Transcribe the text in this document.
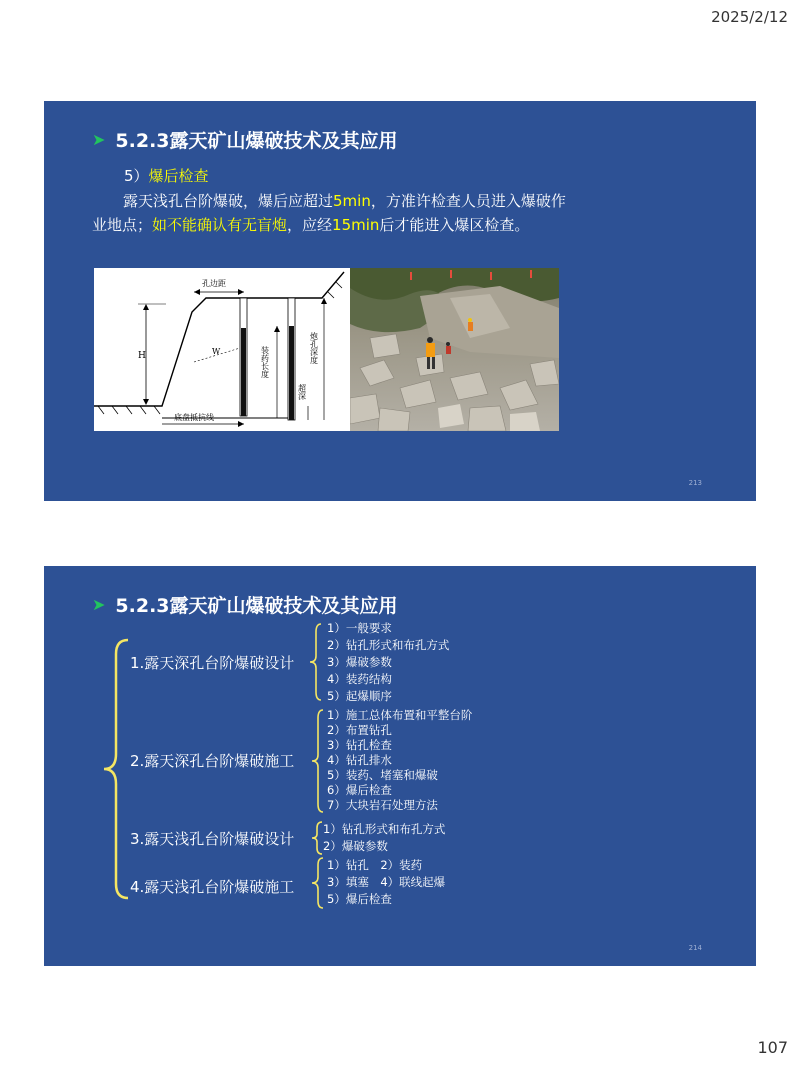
2025/2/12
➤ 5.2.3露天矿山爆破技术及其应用
5）爆后检查
露天浅孔台阶爆破，爆后应超过5min，方准许检查人员进入爆破作业地点；如不能确认有无盲炮，应经15min后才能进入爆区检查。
H	W
孔边距
装药长度
超深
炮孔深度
底盘抵抗线
213
➤ 5.2.3露天矿山爆破技术及其应用
1.露天深孔台阶爆破设计
1）一般要求
2）钻孔形式和布孔方式
3）爆破参数
4）装药结构
5）起爆顺序
2.露天深孔台阶爆破施工
1）施工总体布置和平整台阶
2）布置钻孔
3）钻孔检查
4）钻孔排水
5）装药、堵塞和爆破
6）爆后检查
7）大块岩石处理方法
3.露天浅孔台阶爆破设计
1）钻孔形式和布孔方式
2）爆破参数
4.露天浅孔台阶爆破施工
1）钻孔　2）装药
3）填塞　4）联线起爆
5）爆后检查
214
107
